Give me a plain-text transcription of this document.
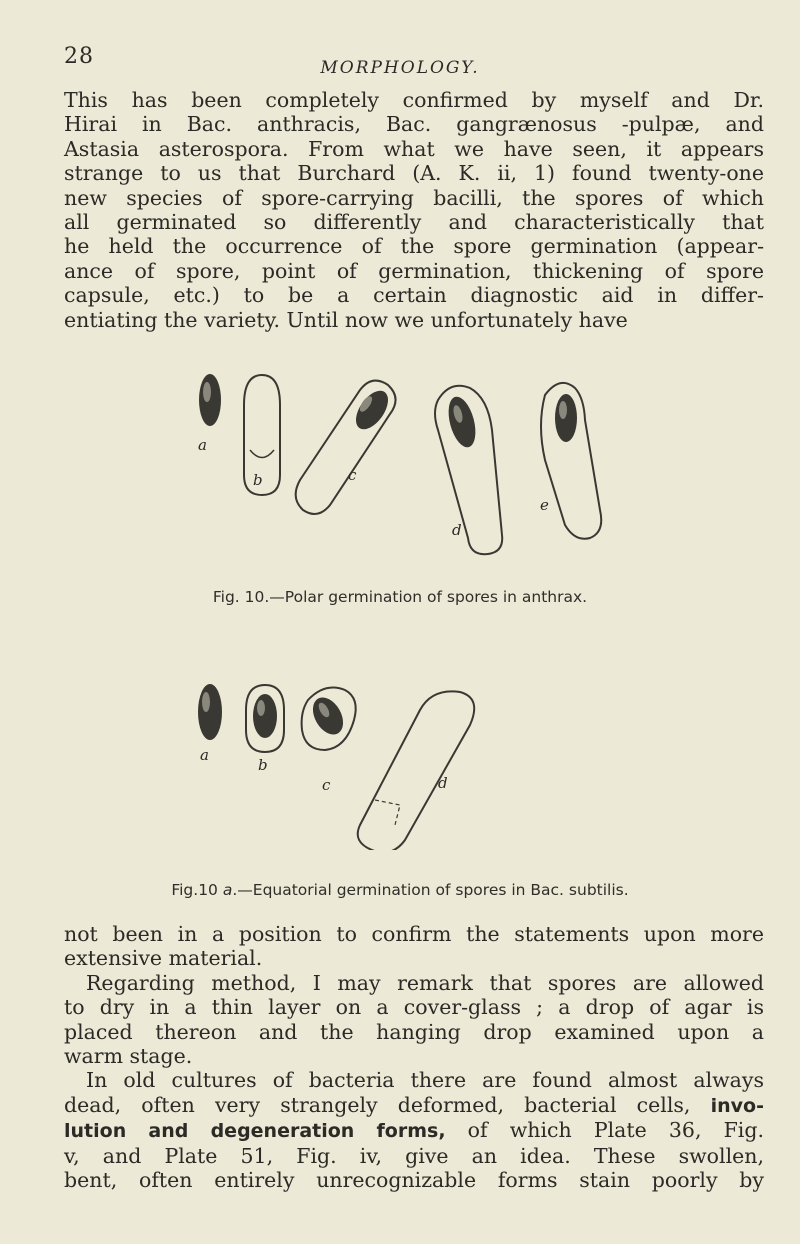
28	MORPHOLOGY.
This has been completely confirmed by myself and Dr.
Hirai in Bac. anthracis, Bac. gangrænosus -pulpæ, and
Astasia asterospora. From what we have seen, it appears
strange to us that Burchard (A. K. ii, 1) found twenty-one
new species of spore-carrying bacilli, the spores of which
all germinated so differently and characteristically that
he held the occurrence of the spore germination (appear-
ance of spore, point of germination, thickening of spore
capsule, etc.) to be a certain diagnostic aid in differ-
entiating the variety. Until now we unfortunately have
a
b	c
d
e
Fig. 10.—Polar germination of spores in anthrax.
a
b
c	d
Fig.10 a.—Equatorial germination of spores in Bac. subtilis.
not been in a position to confirm the statements upon more
extensive material.
Regarding method, I may remark that spores are allowed
to dry in a thin layer on a cover-glass ; a drop of agar is
placed thereon and the hanging drop examined upon a
warm stage.
In old cultures of bacteria there are found almost always
dead, often very strangely deformed, bacterial cells, invo-
lution and degeneration forms, of which Plate 36, Fig.
v, and Plate 51, Fig. iv, give an idea. These swollen,
bent, often entirely unrecognizable forms stain poorly by
